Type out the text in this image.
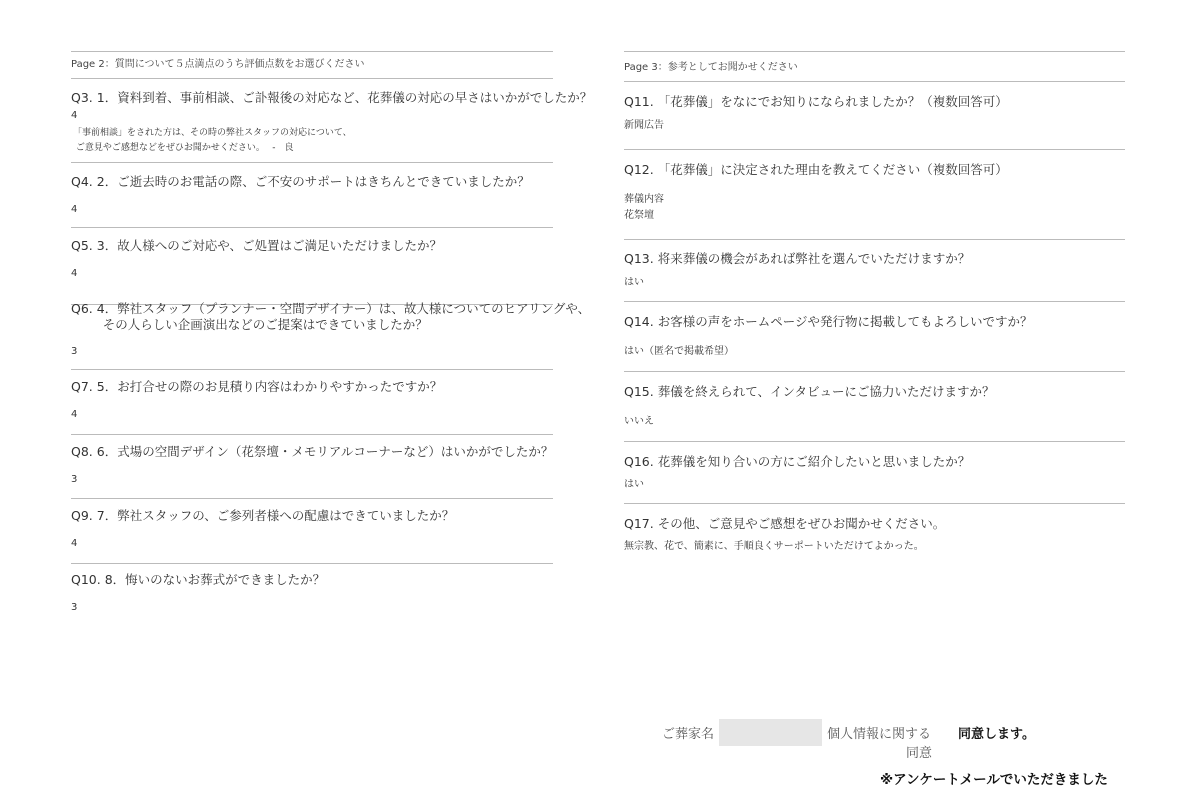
Page 2：質問について５点満点のうち評価点数をお選びください
Q3. 1．資料到着、事前相談、ご訃報後の対応など、花葬儀の対応の早さはいかがでしたか？
4
「事前相談」をされた方は、その時の弊社スタッフの対応について、
ご意見やご感想などをぜひお聞かせください。　 -　良
Q4. 2．ご逝去時のお電話の際、ご不安のサポートはきちんとできていましたか？
4
Q5. 3．故人様へのご対応や、ご処置はご満足いただけましたか？
4
Q6. 4．弊社スタッフ（プランナー・空間デザイナー）は、故人様についてのヒアリングや、
その人らしい企画演出などのご提案はできていましたか？
3
Q7. 5．お打合せの際のお見積り内容はわかりやすかったですか？
4
Q8. 6．式場の空間デザイン（花祭壇・メモリアルコーナーなど）はいかがでしたか？
3
Q9. 7．弊社スタッフの、ご参列者様への配慮はできていましたか？
4
Q10. 8．悔いのないお葬式ができましたか？
3
Page 3：参考としてお聞かせください
Q11. 「花葬儀」をなにでお知りになられましたか？（複数回答可）
新聞広告
Q12. 「花葬儀」に決定された理由を教えてください（複数回答可）
葬儀内容
花祭壇
Q13. 将来葬儀の機会があれば弊社を選んでいただけますか？
はい
Q14. お客様の声をホームページや発行物に掲載してもよろしいですか？
はい（匿名で掲載希望）
Q15. 葬儀を終えられて、インタビューにご協力いただけますか？
いいえ
Q16. 花葬儀を知り合いの方にご紹介したいと思いましたか？
はい
Q17. その他、ご意見やご感想をぜひお聞かせください。
無宗教、花で、簡素に、手順良くサーポートいただけてよかった。
ご葬家名	個人情報に関する
同意
同意します。
※アンケートメールでいただきました
